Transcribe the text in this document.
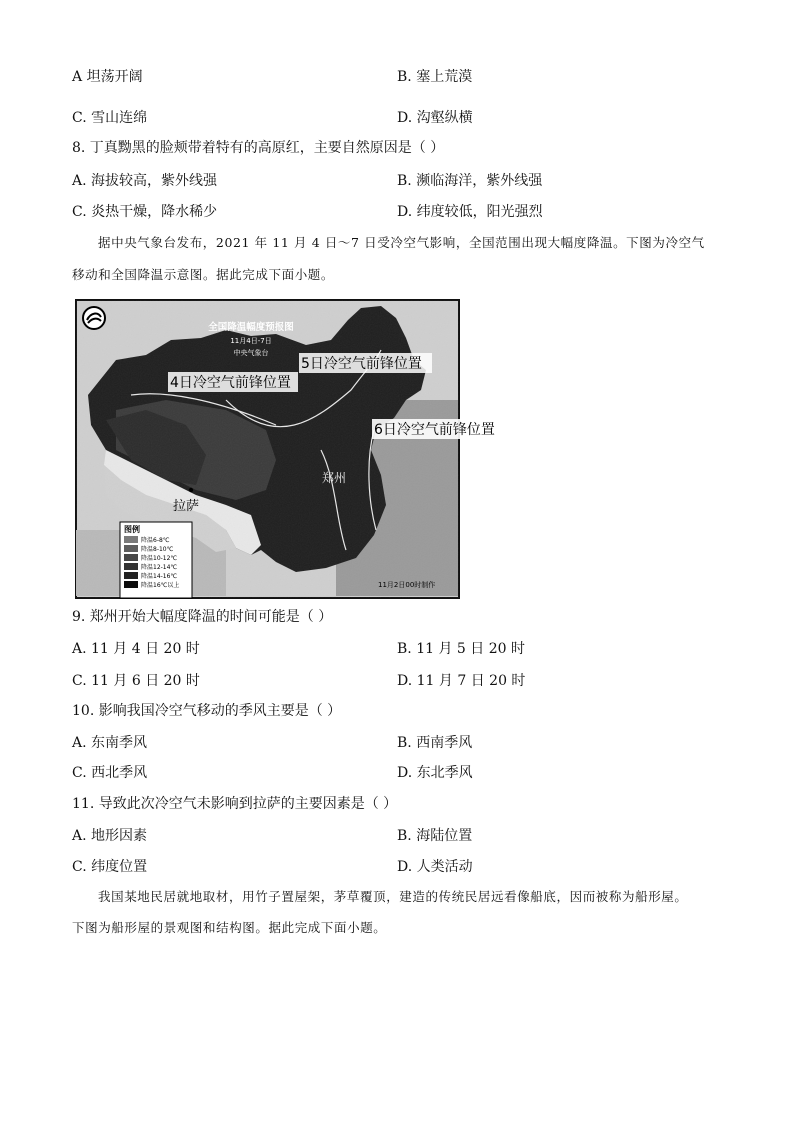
A 坦荡开阔	B. 塞上荒漠
C. 雪山连绵	D. 沟壑纵横
8. 丁真黝黑的脸颊带着特有的高原红，主要自然原因是（ ）
A. 海拔较高，紫外线强	B. 濒临海洋，紫外线强
C. 炎热干燥，降水稀少	D. 纬度较低，阳光强烈
据中央气象台发布，2021 年 11 月 4 日～7 日受冷空气影响，全国范围出现大幅度降温。下图为冷空气
移动和全国降温示意图。据此完成下面小题。
全国降温幅度预报图
11月4日-7日
中央气象台
4日冷空气前锋位置
5日冷空气前锋位置
6日冷空气前锋位置
郑州
拉萨
图例
降温6-8℃
降温8-10℃
降温10-12℃
降温12-14℃
降温14-16℃
降温16℃以上	11月2日00时制作
9. 郑州开始大幅度降温的时间可能是（ ）
A. 11 月 4 日 20 时	B. 11 月 5 日 20 时
C. 11 月 6 日 20 时	D. 11 月 7 日 20 时
10. 影响我国冷空气移动的季风主要是（ ）
A. 东南季风	B. 西南季风
C. 西北季风	D. 东北季风
11. 导致此次冷空气未影响到拉萨的主要因素是（ ）
A. 地形因素	B. 海陆位置
C. 纬度位置	D. 人类活动
我国某地民居就地取材，用竹子置屋架，茅草覆顶，建造的传统民居远看像船底，因而被称为船形屋。
下图为船形屋的景观图和结构图。据此完成下面小题。
